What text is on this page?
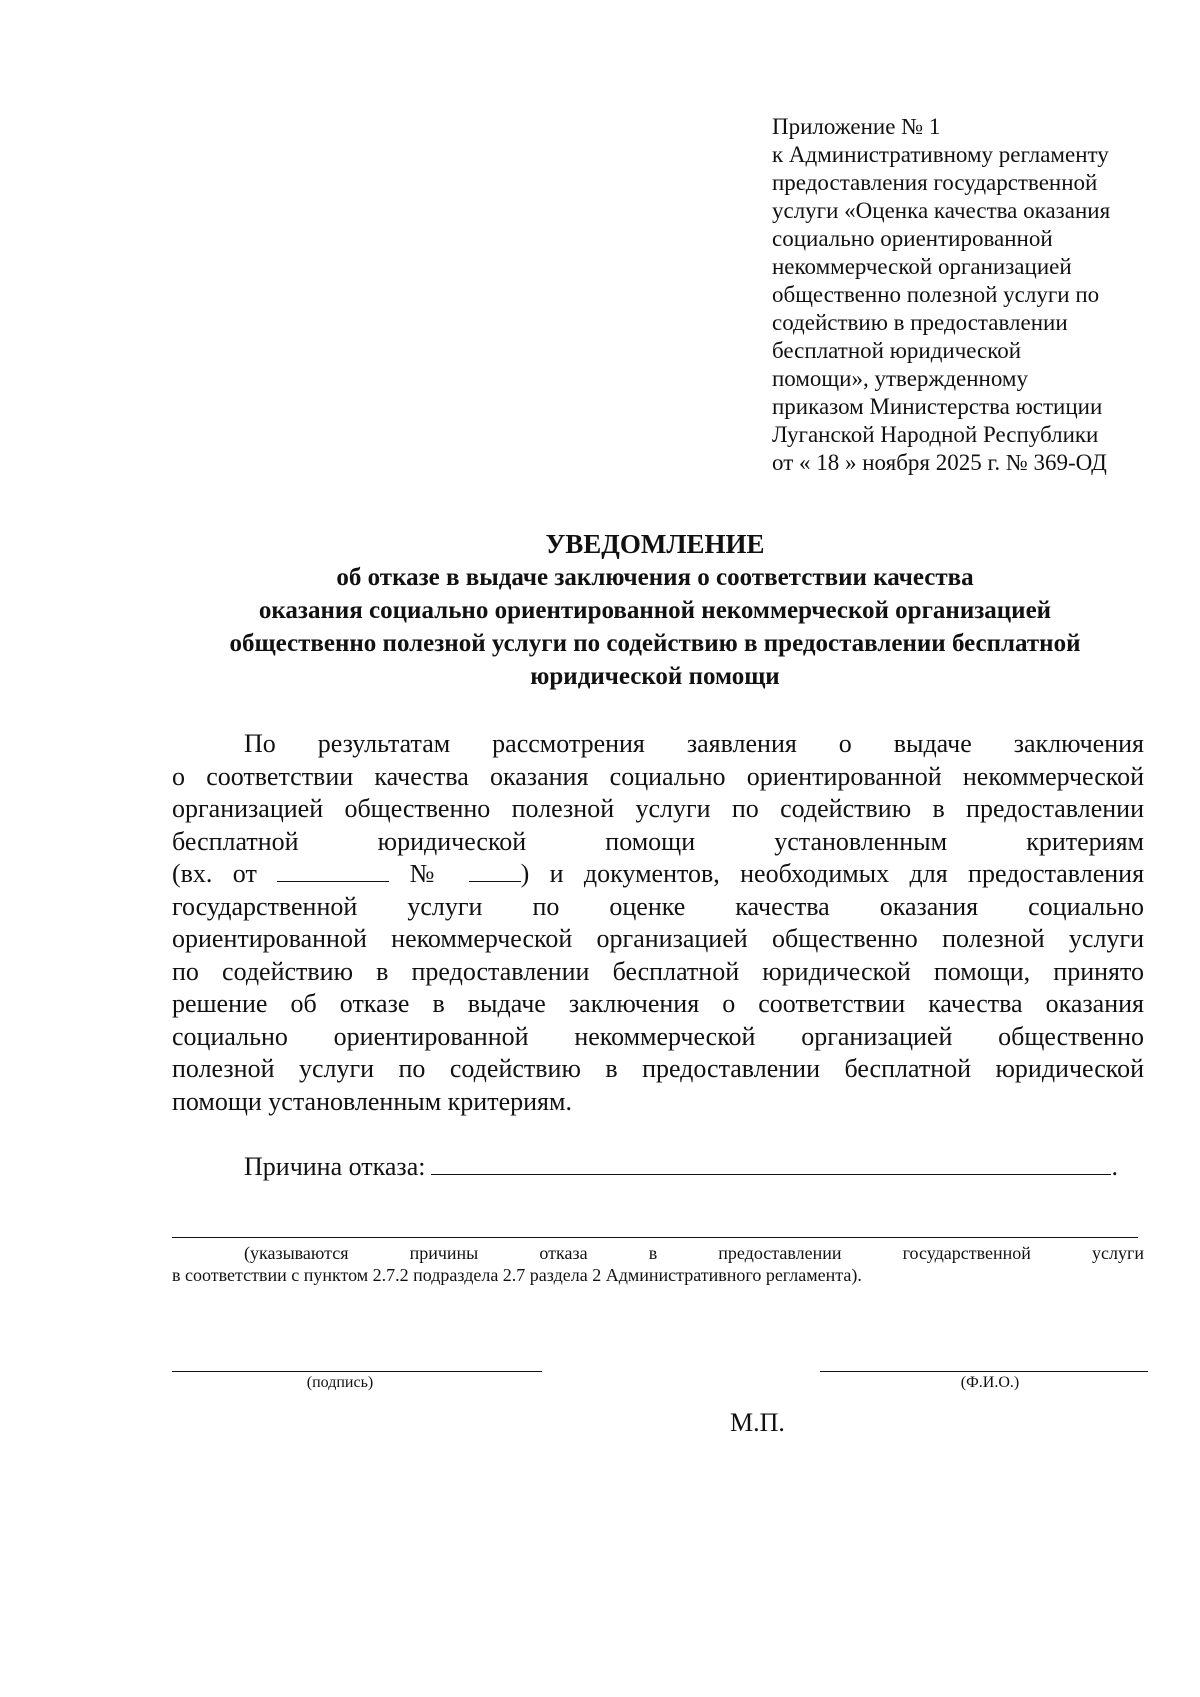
Приложение № 1
к Административному регламенту
предоставления государственной
услуги «Оценка качества оказания
социально ориентированной
некоммерческой организацией
общественно полезной услуги по
содействию в предоставлении
бесплатной юридической
помощи», утвержденному
приказом Министерства юстиции
Луганской Народной Республики
от « 18 » ноября 2025 г. № 369-ОД
УВЕДОМЛЕНИЕ
об отказе в выдаче заключения о соответствии качества
оказания социально ориентированной некоммерческой организацией
общественно полезной услуги по содействию в предоставлении бесплатной
юридической помощи
По результатам рассмотрения заявления о выдаче заключения
о соответствии качества оказания социально ориентированной некоммерческой
организацией общественно полезной услуги по содействию в предоставлении
бесплатной юридической помощи установленным критериям
(вх. от	№	) и документов, необходимых для предоставления
государственной услуги по оценке качества оказания социально
ориентированной некоммерческой организацией общественно полезной услуги
по содействию в предоставлении бесплатной юридической помощи, принято
решение об отказе в выдаче заключения о соответствии качества оказания
социально ориентированной некоммерческой организацией общественно
полезной услуги по содействию в предоставлении бесплатной юридической
помощи установленным критериям.
Причина отказа:	.
(указываются причины отказа в предоставлении государственной услуги
в соответствии с пунктом 2.7.2 подраздела 2.7 раздела 2 Административного регламента).
(подпись)	(Ф.И.О.)
М.П.
